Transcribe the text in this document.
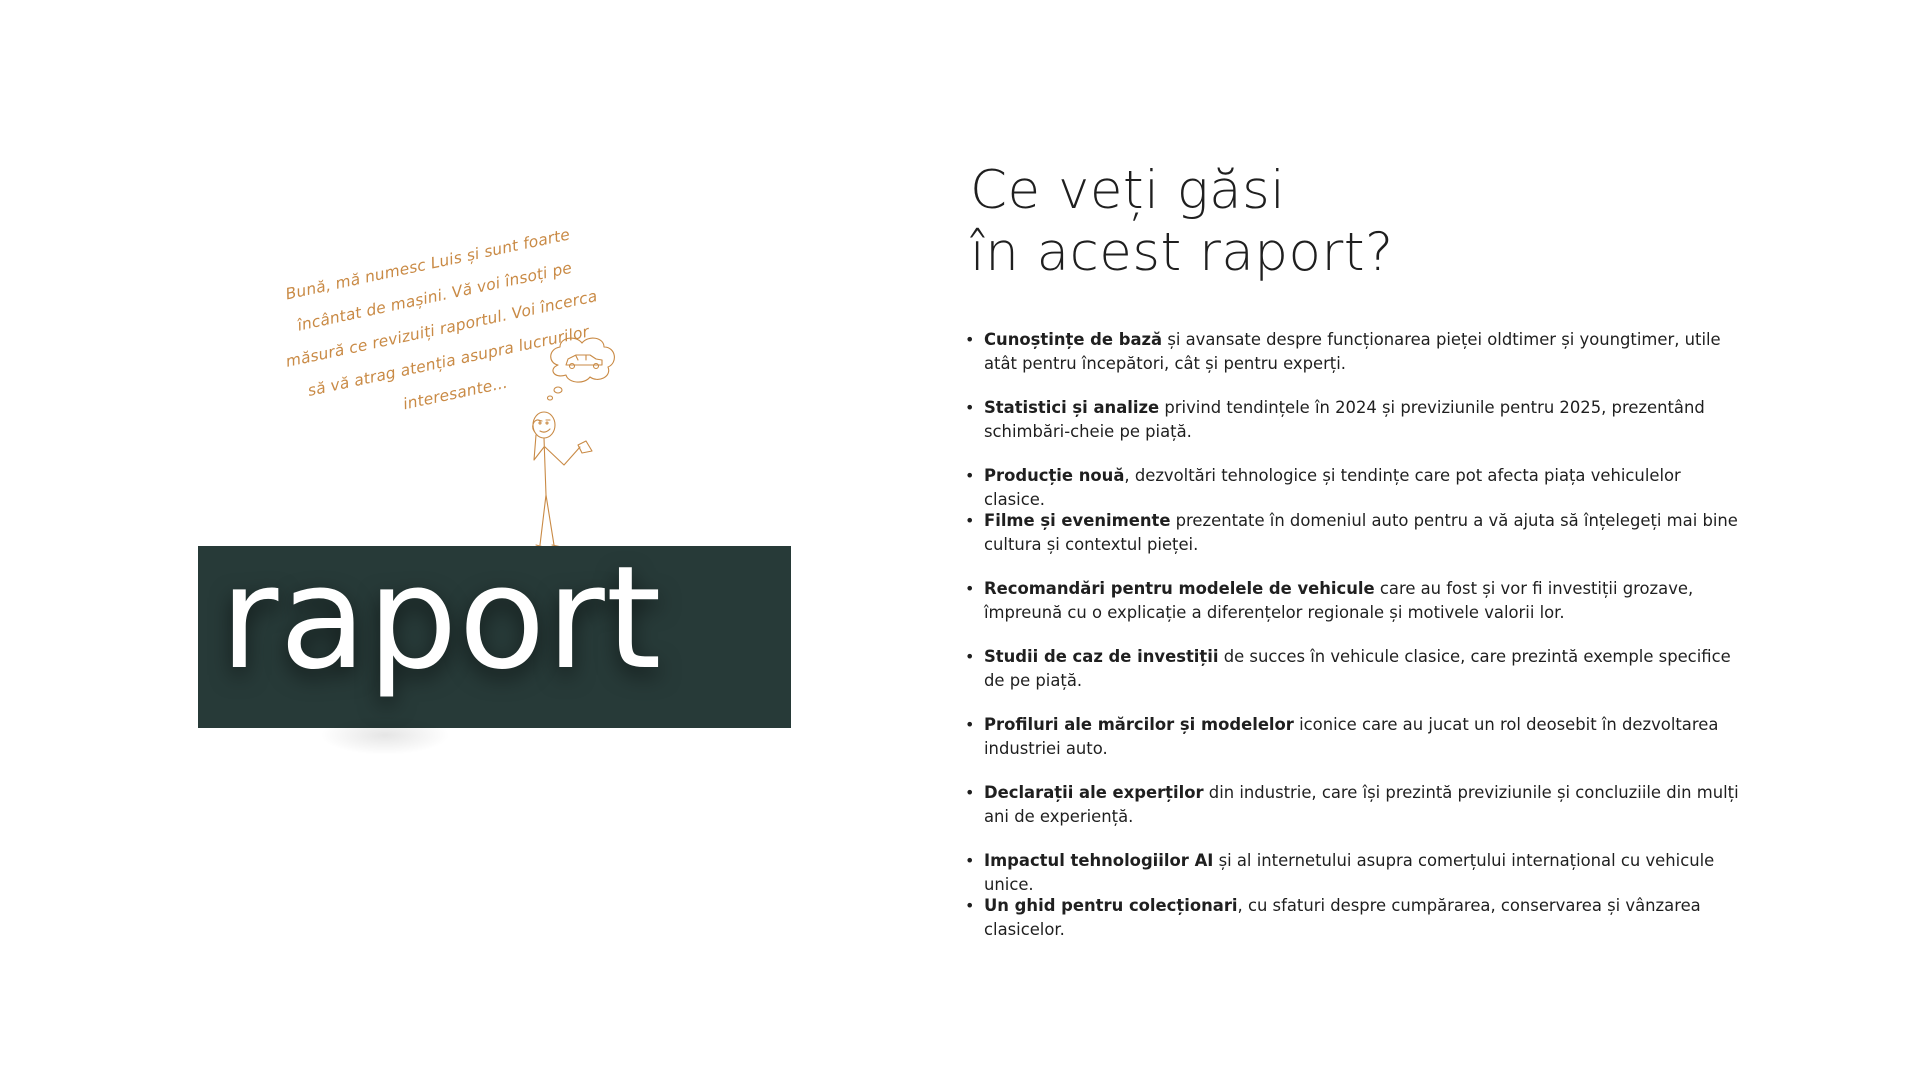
Bună, mă numesc Luis și sunt foarte încântat de mașini. Vă voi însoți pe măsură ce revizuiți raportul. Voi încerca să vă atrag atenția asupra lucrurilor interesante...
raport
Ce veți găsi
în acest raport?
• Cunoștințe de bază și avansate despre funcționarea pieței oldtimer și youngtimer, utile atât pentru începători, cât și pentru experți.
• Statistici și analize privind tendințele în 2024 și previziunile pentru 2025, prezentând schimbări-cheie pe piață.
• Producție nouă, dezvoltări tehnologice și tendințe care pot afecta piața vehiculelor clasice.
• Filme și evenimente prezentate în domeniul auto pentru a vă ajuta să înțelegeți mai bine cultura și contextul pieței.
• Recomandări pentru modelele de vehicule care au fost și vor fi investiții grozave, împreună cu o explicație a diferențelor regionale și motivele valorii lor.
• Studii de caz de investiții de succes în vehicule clasice, care prezintă exemple specifice de pe piață.
• Profiluri ale mărcilor și modelelor iconice care au jucat un rol deosebit în dezvoltarea industriei auto.
• Declarații ale experților din industrie, care își prezintă previziunile și concluziile din mulți ani de experiență.
• Impactul tehnologiilor AI și al internetului asupra comerțului internațional cu vehicule unice.
• Un ghid pentru colecționari, cu sfaturi despre cumpărarea, conservarea și vânzarea clasicelor.
